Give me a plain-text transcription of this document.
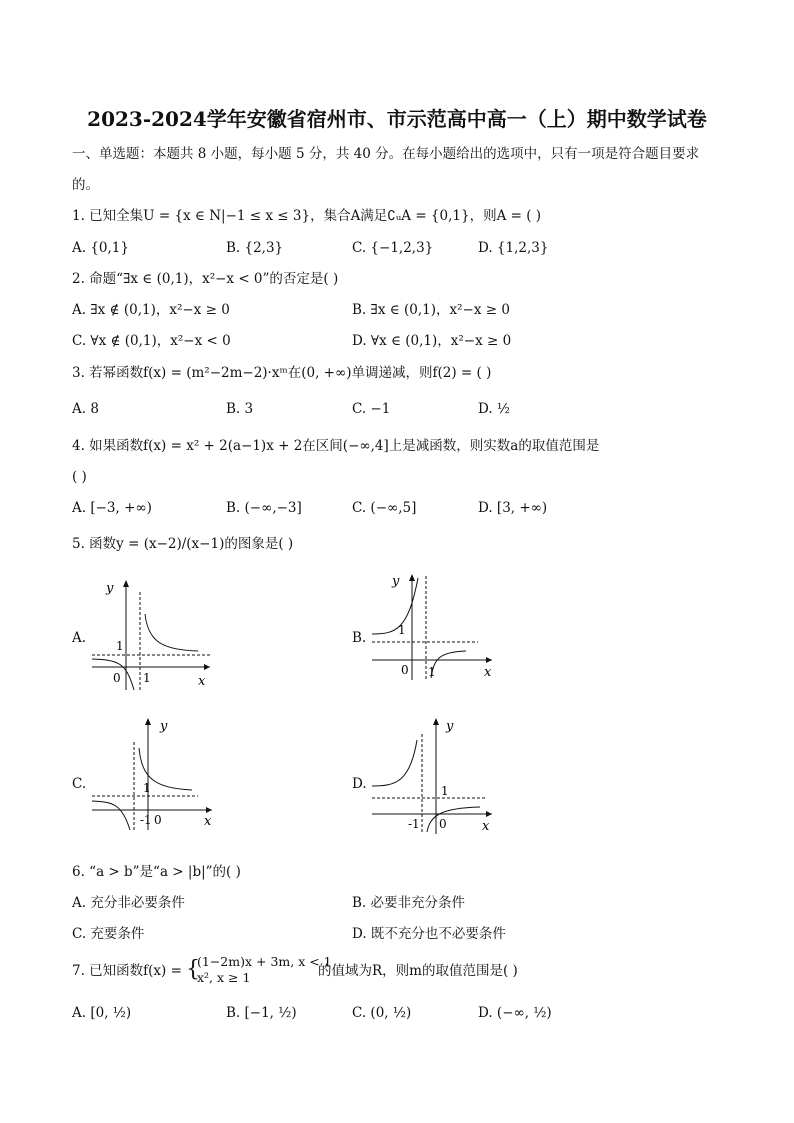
2023-2024学年安徽省宿州市、市示范高中高一（上）期中数学试卷
一、单选题：本题共 8 小题，每小题 5 分，共 40 分。在每小题给出的选项中，只有一项是符合题目要求
的。
1. 已知全集U = {x ∈ N|−1 ≤ x ≤ 3}，集合A满足∁ᵤA = {0,1}，则A = ( )
A. {0,1}	B. {2,3}	C. {−1,2,3}	D. {1,2,3}
2. 命题“∃x ∈ (0,1)，x²−x < 0”的否定是( )
A. ∃x ∉ (0,1)，x²−x ≥ 0	B. ∃x ∈ (0,1)，x²−x ≥ 0
C. ∀x ∉ (0,1)，x²−x < 0	D. ∀x ∈ (0,1)，x²−x ≥ 0
3. 若幂函数f(x) = (m²−2m−2)·xᵐ在(0, +∞)单调递减，则f(2) = ( )
A. 8	B. 3	C. −1	D. ½
4. 如果函数f(x) = x² + 2(a−1)x + 2在区间(−∞,4]上是减函数，则实数a的取值范围是
( )
A. [−3, +∞)	B. (−∞,−3]	C. (−∞,5]	D. [3, +∞)
5. 函数y = (x−2)/(x−1)的图象是( )
A.	B.
C.	D.
y
x
1
0 1
y
x
1
0 1
y
x
1
-1 0
y
x
1
-1 0
6. “a > b”是“a > |b|”的( )
A. 充分非必要条件	B. 必要非充分条件
C. 充要条件	D. 既不充分也不必要条件
7. 已知函数f(x) = {
(1−2m)x + 3m, x < 1
x², x ≥ 1	的值域为R，则m的取值范围是( )
A. [0, ½)	B. [−1, ½)	C. (0, ½)	D. (−∞, ½)
